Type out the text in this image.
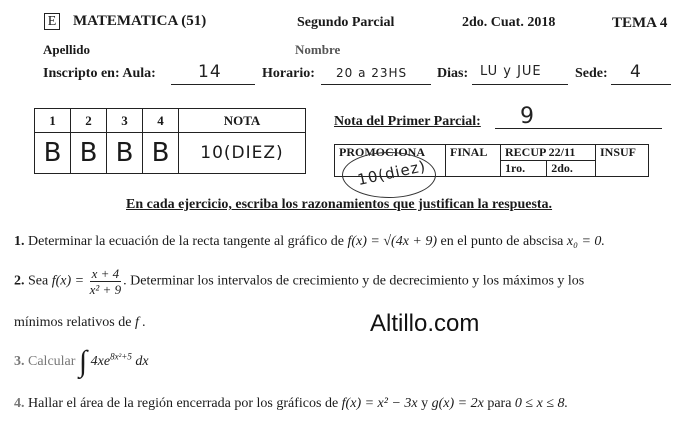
E MATEMATICA (51)	Segundo Parcial	2do. Cuat. 2018	TEMA 4
Apellido	Nombre
Inscripto en: Aula: 14	Horario: 20 a 23HS Dias: LU y JUE Sede: 4
1	2	3	4	NOTA
B	B	B	B	10(DIEZ)
Nota del Primer Parcial: 9
PROMOCIONA	FINAL	RECUP 22/11		INSUF
		1ro.	2do.	
10(diez)
En cada ejercicio, escriba los razonamientos que justifican la respuesta.
1. Determinar la ecuación de la recta tangente al gráfico de f(x) = √(4x + 9) en el punto de abscisa x₀ = 0.
2. Sea $f(x) = \frac{x + 4}{\text{x² + 9}}$ . Determinar los intervalos de crecimiento y de decrecimiento y los máximos y los
mínimos relativos de f .	Altillo.com
3. Calcular ∫ $4xe^{8x^2+5}$ dx
4. Hallar el área de la región encerrada por los gráficos de f(x) = x² − 3x y g(x) = 2x para 0 ≤ x ≤ 8.
